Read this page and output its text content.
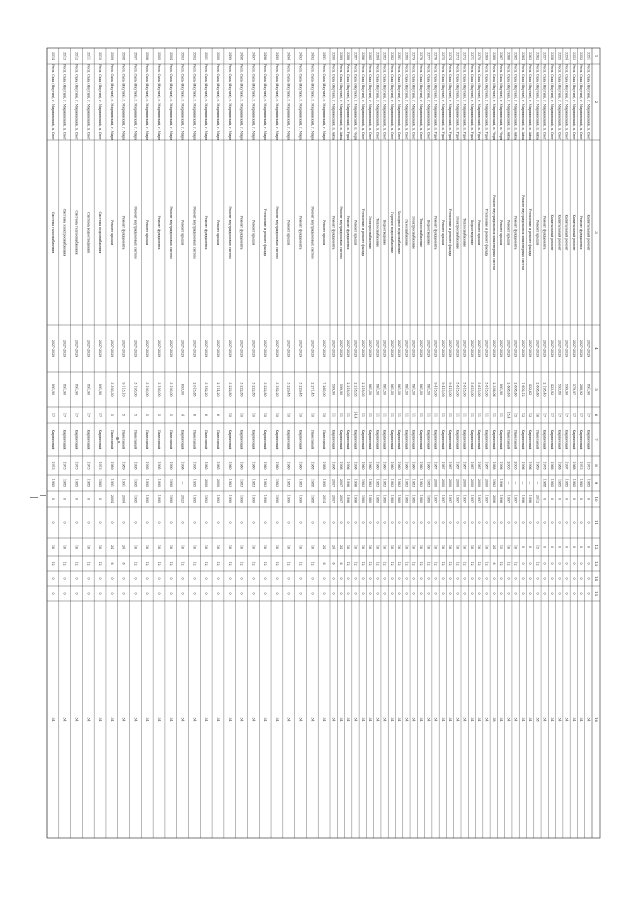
1
2
3
4
5
6
7
8
9
10
11
12
13
14
15
16
3351
Респ. Саха (Якутия), г. Мирнинский, п. Свет
Капитальный ремонт
2027-2029
891,90
17
Кирпичный
1973
1985
0
0
0
0
0
0
34
3352
Респ. Саха (Якутия), г. Мирнинский, п. Свет
Ремонт фундамента
2027-2029
288,92
17
Кирпичный
1973
1985
0
0
0
0
0
0
34
3353
Респ. Саха (Якутия), г. Мирнинский, п. Свет
Капитальный ремонт
2027-2029
579,97
17
Кирпичный
1968
1985
0
0
0
0
0
0
34
3354
Респ. Саха (Якутия), г. Мирнинский, п. Свет
Капитальный ремонт
2027-2029
599,90
17
Кирпичный
1997
1985
0
0
0
0
0
0
34
3355
Респ. Саха (Якутия), г. Мирнинский, п. Свет
Капитальный ремонт
2027-2029
593,80
17
Кирпичный
1986
1985
0
0
0
0
0
0
34
3356
Респ. Саха (Якутия), г. Мирнинский, п. Свет
Капитальный ремонт
2027-2029
423,92
17
Кирпичный
1968
1985
0
0
0
0
0
0
34
3357
Респ. Саха (Якутия), г. Мирнинский, п. Свет
Ремонт фундамента
2027-2029
2 195,40
17
Кирпичный
1978
1988
0
0
0
0
0
0
34
3362
Респ. Саха (Якутия), г. Мирнинский, п. Айха
Ремонт крыши
2027-2029
2 608,60
16
Панельный
1989
—
2012
0
15
12
0
0
38
3363
Респ. Саха (Якутия), г. Мирнинский, п. Айха
Утепление и ремонт фасада
2027-2029
432,62
12
Кирпичный
1996
—
1996
0
0
0
0
0
34
3364
Респ. Саха (Якутия), г. Мирнинский, п. Айха
Ремонт внутридомовых инженерных систем
2027-2029
1 602,12
12
Кирпичный
1996
—
1996
0
0
0
0
0
34
3365
Респ. Саха (Якутия), г. Мирнинский, п. Айха
Ремонт фундамента
2027-2029
2 608,60
15
Панельный
2003
—
1997
0
16
12
0
0
34
3366
Респ. Саха (Якутия), г. Мирнинский, п. Айха
Ремонт крыши
2027-2029
2 608,60
15,4
Панельный
2003
—
1997
0
16
12
0
0
34
3367
Респ. Саха (Якутия), г. Мирнинский, п. Черн
Ремонт крыши
2027-2029
891,90
11
Кирпичный
1996
1996
1996
0
15
12
0
0
34
3368
Респ. Саха (Якутия), г. Мирнинский, п. Черн
Ремонт внутридомовых инженерных систем
2027-2029
2 336,06
11
Кирпичный
1988
1983
2006
0
24
6
0
0
38
3369
Респ. Саха (Якутия), г. Мирнинский, п. Удач
Утепление и ремонт фасада
2027-2029
5 615,00
11
Кирпичный
1987
2000
1997
0
16
12
0
0
34
3370
Респ. Саха (Якутия), г. Мирнинский, п. Удач
Ремонт крыши
2027-2029
5 615,00
11
Кирпичный
1987
2000
1997
0
16
12
0
0
34
3371
Респ. Саха (Якутия), г. Мирнинский, п. Удач
Водоотведение
2027-2029
5 615,00
11
Кирпичный
1987
2000
1997
0
16
12
0
0
34
3372
Респ. Саха (Якутия), г. Мирнинский, п. Удач
Теплоснабжение
2027-2029
5 615,00
11
Кирпичный
1987
2000
1997
0
16
12
0
0
34
3373
Респ. Саха (Якутия), г. Мирнинский, п. Удач
Электроснабжение
2027-2029
5 615,00
11
Кирпичный
1987
2000
1997
0
16
12
0
0
34
3374
Респ. Саха (Якутия), г. Мирнинский, п. Удач
Утепление и ремонт фасада
2027-2029
9 415,00
11
Кирпичный
1987
2000
1997
0
16
12
0
0
34
3375
Респ. Саха (Якутия), г. Мирнинский, п. Удач
Ремонт крыши
2027-2029
9 415,00
11
Кирпичный
1987
2000
1997
0
16
12
0
0
34
3376
Респ. Саха (Якутия), г. Мирнинский, п. Удач
Ремонт фундамента
2027-2029
9 415,00
11
Кирпичный
1987
2000
1997
0
16
12
0
0
34
3377
Респ. Саха (Якутия), г. Мирнинский, п. Свет
Водоотведение
2027-2029
861,50
11
Кирпичный
1960
1983
1980
0
16
12
0
0
34
3378
Респ. Саха (Якутия), г. Мирнинский, п. Свет
Теплоснабжение
2027-2029
861,50
11
Кирпичный
1960
1983
1980
0
16
12
0
0
34
3379
Респ. Саха (Якутия), г. Мирнинский, п. Свет
Электроснабжение
2027-2029
861,50
11
Кирпичный
1960
1983
1980
0
16
12
0
0
34
3380
Респ. Саха (Якутия), г. Мирнинский, п. Свет
Газоснабжение
2027-2029
861,50
11
Кирпичный
1960
1983
1980
0
16
12
0
0
34
3381
Респ. Саха (Якутия), г. Мирнинский, п. Свет
Холодное водоснабжение
2027-2029
861,50
11
Кирпичный
1960
1983
1980
0
16
12
0
0
34
3382
Респ. Саха (Якутия), г. Мирнинский, п. Свет
Горячее водоснабжение
2027-2029
861,50
11
Кирпичный
1960
1983
1980
0
16
12
0
0
34
3383
Респ. Саха (Якутия), г. Мирнинский, п. Свет
Водоотведение
2027-2029
861,50
11
Кирпичный
1960
1983
1980
0
16
12
0
0
34
3384
Респ. Саха (Якутия), г. Мирнинский, п. Свет
Теплоснабжение
2027-2029
861,50
11
Кирпичный
1960
1983
1980
0
16
12
0
0
34
3385
Респ. Саха (Якутия), г. Мирнинский, п. Свет
Электроснабжение
2027-2029
861,50
11
Кирпичный
1960
1983
1980
0
16
12
0
0
34
3386
Респ. Саха (Якутия), г. Мирнинский, п. Свет
Утепление и ремонт фасада
2027-2029
2 218,03
11
Кирпичный
1960
1983
1980
0
16
12
0
0
34
3387
Респ. Саха (Якутия), г. Мирнинский, п. Черн
Ремонт крыши
2027-2029
2 218,03
14,4
Кирпичный
1996
1996
1996
0
16
12
0
0
34
3388
Респ. Саха (Якутия), г. Мирнинский, п. Удач
Ремонт фундамента
2027-2029
2 218,03
11
Кирпичный
1996
1996
1996
0
16
12
0
0
34
3389
Респ. Саха (Якутия), г. Мирнинский, п. Айха
Ремонт внутридомовых систем
2027-2029
599,90
11
Кирпичный
1998
2007
2007
0
24
6
0
0
34
3390
Респ. Саха (Якутия), г. Мирнинский, п. Айха
Ремонт фундамента
2027-2029
599,90
11
Кирпичный
1998
2007
2007
0
24
6
0
0
34
3491
Респ. Саха (Якутия), г. Мирнинский, г. Мирн
Ремонт крыши
2027-2029
7 265,00
10
Панельный
1988
1995
2014
0
24
6
0
0
34
3492
Респ. Саха (Якутия), г. Мирнинский, г. Мирн
Ремонт внутридомовых систем
2027-2029
2 271,45
10
Панельный
1988
1988
1988
0
16
12
0
0
34
3493
Респ. Саха (Якутия), г. Мирнинский, г. Мирн
Ремонт фундамента
2027-2029
3 229,48
10
Кирпичный
1960
1983
1990
0
16
12
0
0
34
3494
Респ. Саха (Якутия), г. Мирнинский, г. Мирн
Ремонт крыши
2027-2029
3 229,48
10
Кирпичный
1960
1983
1990
0
16
12
0
0
34
3495
Респ. Саха (Якутия), г. Мирнинский, г. Мирн
Ремонт внутридомовых систем
2027-2029
3 182,20
10
Кирпичный
1960
1983
1990
0
16
12
0
0
34
3496
Респ. Саха (Якутия), г. Мирнинский, г. Мирн
Утепление и ремонт фасада
2027-2029
3 222,80
10
Кирпичный
1960
1983
1990
0
16
12
0
0
34
3497
Респ. Саха (Якутия), г. Мирнинский, г. Мирн
Ремонт крыши
2027-2029
3 222,80
10
Кирпичный
1960
1983
1990
0
16
12
0
0
34
3498
Респ. Саха (Якутия), г. Мирнинский, г. Мирн
Ремонт фундамента
2027-2029
3 222,80
10
Кирпичный
1960
1983
1990
0
16
12
0
0
34
3499
Респ. Саха (Якутия), г. Мирнинский, г. Мирн
Ремонт внутридомовых систем
2027-2029
3 222,80
10
Кирпичный
1960
1983
1990
0
16
12
0
0
34
3500
Респ. Саха (Якутия), г. Мирнинский, г. Мирн
Ремонт крыши
2027-2029
2 114,20
6
Панельный
1985
2000
1993
0
16
12
0
0
34
3501
Респ. Саха (Якутия), г. Мирнинский, г. Мирн
Ремонт фундамента
2027-2029
3 182,20
6
Панельный
1985
2000
1993
0
16
12
0
0
34
3502
Респ. Саха (Якутия), г. Мирнинский, г. Мирн
Ремонт внутридомовых систем
2027-2029
2 015,65
6
Панельный
1995
1995
1995
0
16
12
0
0
34
3503
Респ. Саха (Якутия), г. Мирнинский, г. Мирн
Ремонт крыши
2027-2029
693,00
4
Кирпичный
1996
—
2023
0
16
12
0
0
34
3504
Респ. Саха (Якутия), г. Мирнинский, г. Мирн
Ремонт внутридомовых систем
2027-2029
3 193,00
5
Панельный
1990
1990
1990
0
16
12
0
0
34
3505
Респ. Саха (Якутия), г. Мирнинский, г. Мирн
Ремонт фундамента
2027-2029
3 193,00
5
Панельный
1995
1995
1995
0
16
12
0
0
34
3506
Респ. Саха (Якутия), г. Мирнинский, г. Мирн
Ремонт крыши
2027-2029
3 193,00
5
Панельный
1995
1995
1995
0
16
12
0
0
34
3507
Респ. Саха (Якутия), г. Мирнинский, г. Мирн
Ремонт внутридомовых систем
2027-2029
3 193,00
5
Панельный
1995
1995
1995
0
16
12
0
0
34
3508
Респ. Саха (Якутия), г. Мирнинский, г. Мирн
Ремонт фундамента
2027-2029
9 113,10
5
Панельный
1989
1991
2004
0
24
6
0
0
34
3509
Респ. Саха (Якутия), г. Мирнинский, г. Мирн
Ремонт крыши
2027-2029
3 393,30
5
Панельный
1989
1991
2004
0
24
6
0
0
34
3510
Респ. Саха (Якутия), г. Мирнинский, п. Свет
Система водоснабжения
2027-2029
891,90
17
Кирпичный
1973
1985
0
0
16
12
0
0
34
3511
Респ. Саха (Якутия), г. Мирнинский, п. Свет
Система водоотведения
2027-2029
891,90
17
Кирпичный
1973
1985
0
0
16
12
0
0
34
3512
Респ. Саха (Якутия), г. Мирнинский, п. Свет
Система теплоснабжения
2027-2029
891,90
17
Кирпичный
1973
1985
0
0
16
12
0
0
34
3513
Респ. Саха (Якутия), г. Мирнинский, п. Свет
Система электроснабжения
2027-2029
891,90
17
Кирпичный
1973
1985
0
0
16
12
0
0
34
3514
Респ. Саха (Якутия), г. Мирнинский, п. Свет
Система газоснабжения
2027-2029
891,90
17
Кирпичный
1973
1985
0
0
16
12
0
0
34
